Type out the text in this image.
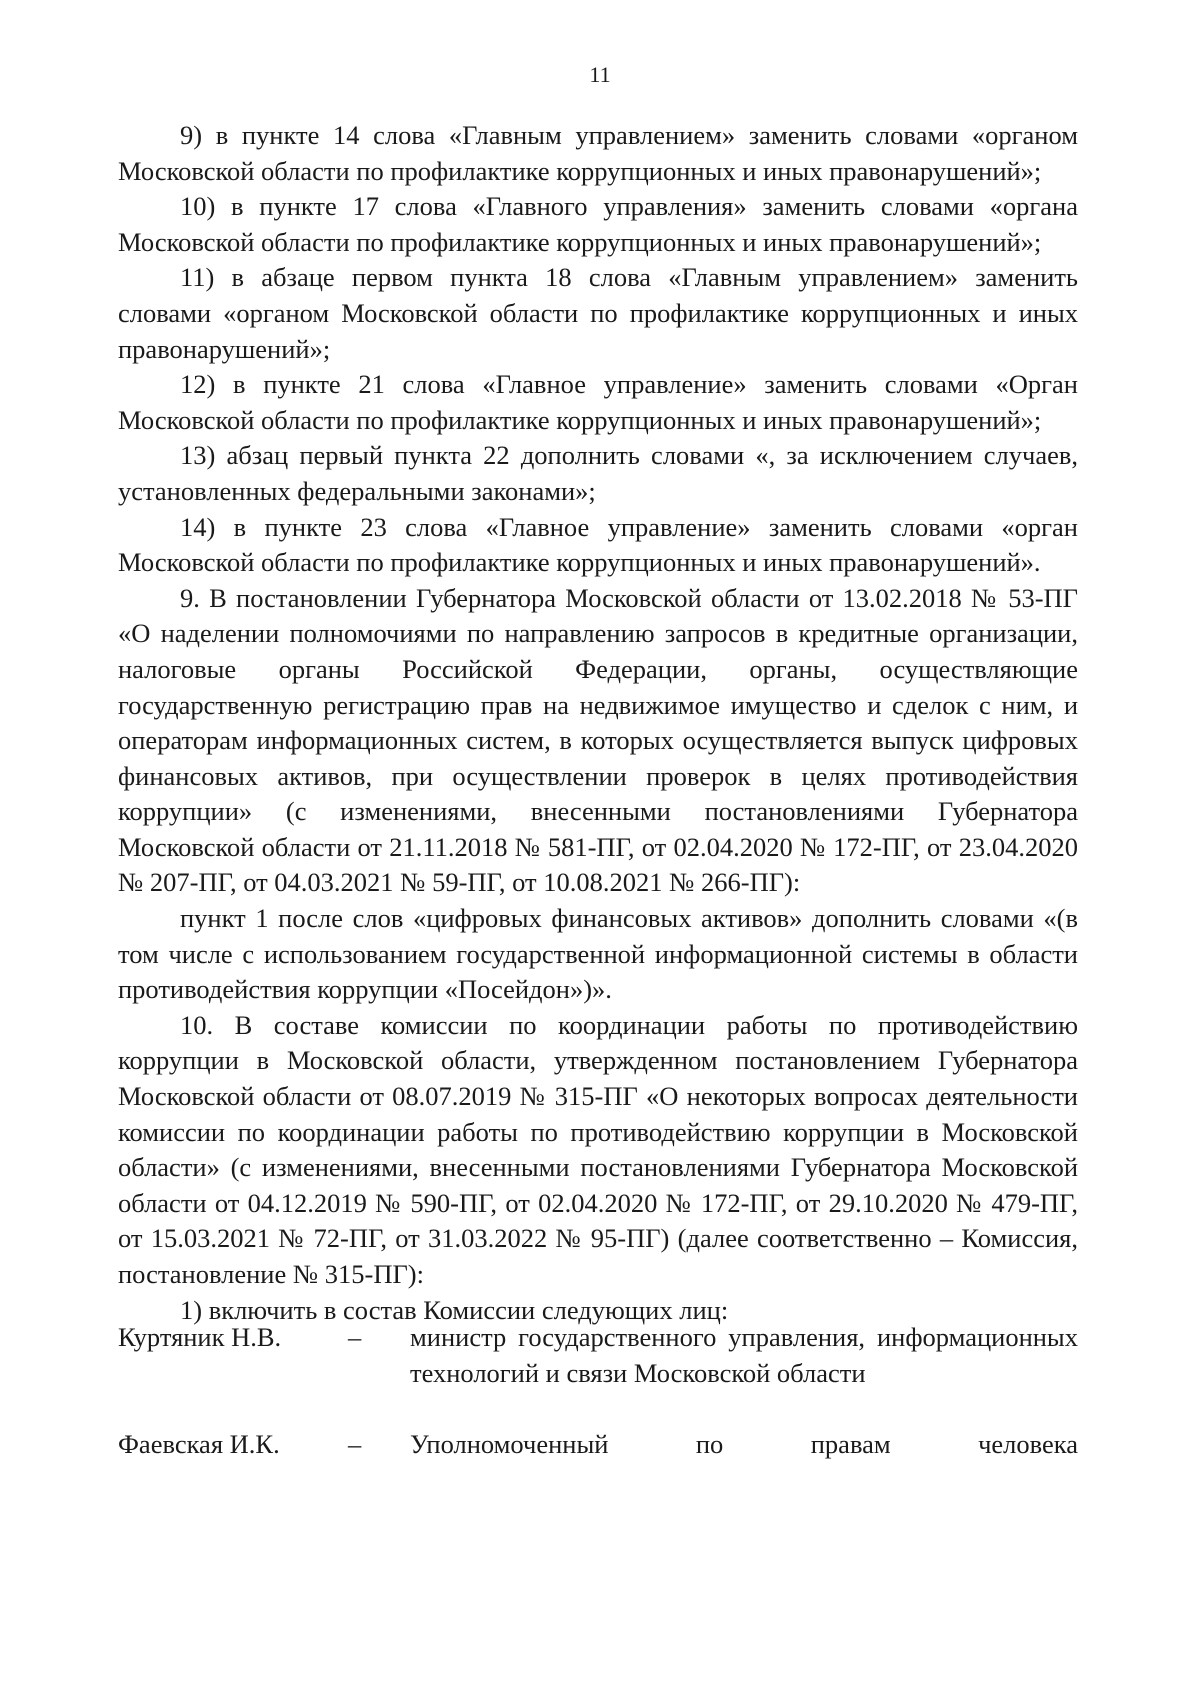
11

9) в пункте 14 слова «Главным управлением» заменить словами «органом Московской области по профилактике коррупционных и иных правонарушений»;

10) в пункте 17 слова «Главного управления» заменить словами «органа Московской области по профилактике коррупционных и иных правонарушений»;

11) в абзаце первом пункта 18 слова «Главным управлением» заменить словами «органом Московской области по профилактике коррупционных и иных правонарушений»;

12) в пункте 21 слова «Главное управление» заменить словами «Орган Московской области по профилактике коррупционных и иных правонарушений»;

13) абзац первый пункта 22 дополнить словами «, за исключением случаев, установленных федеральными законами»;

14) в пункте 23 слова «Главное управление» заменить словами «орган Московской области по профилактике коррупционных и иных правонарушений».

9. В постановлении Губернатора Московской области от 13.02.2018 № 53-ПГ «О наделении полномочиями по направлению запросов в кредитные организации, налоговые органы Российской Федерации, органы, осуществляющие государственную регистрацию прав на недвижимое имущество и сделок с ним, и операторам информационных систем, в которых осуществляется выпуск цифровых финансовых активов, при осуществлении проверок в целях противодействия коррупции» (с изменениями, внесенными постановлениями Губернатора Московской области от 21.11.2018 № 581-ПГ, от 02.04.2020 № 172-ПГ, от 23.04.2020 № 207-ПГ, от 04.03.2021 № 59-ПГ, от 10.08.2021 № 266-ПГ):

пункт 1 после слов «цифровых финансовых активов» дополнить словами «(в том числе с использованием государственной информационной системы в области противодействия коррупции «Посейдон»)».

10. В составе комиссии по координации работы по противодействию коррупции в Московской области, утвержденном постановлением Губернатора Московской области от 08.07.2019 № 315-ПГ «О некоторых вопросах деятельности комиссии по координации работы по противодействию коррупции в Московской области» (с изменениями, внесенными постановлениями Губернатора Московской области от 04.12.2019 № 590-ПГ, от 02.04.2020 № 172-ПГ, от 29.10.2020 № 479-ПГ, от 15.03.2021 № 72-ПГ, от 31.03.2022 № 95-ПГ) (далее соответственно – Комиссия, постановление № 315-ПГ):

1) включить в состав Комиссии следующих лиц:

Куртяник Н.В.	–	министр государственного управления, информационных технологий и связи Московской области
Фаевская И.К.	–	Уполномоченный по правам человека
